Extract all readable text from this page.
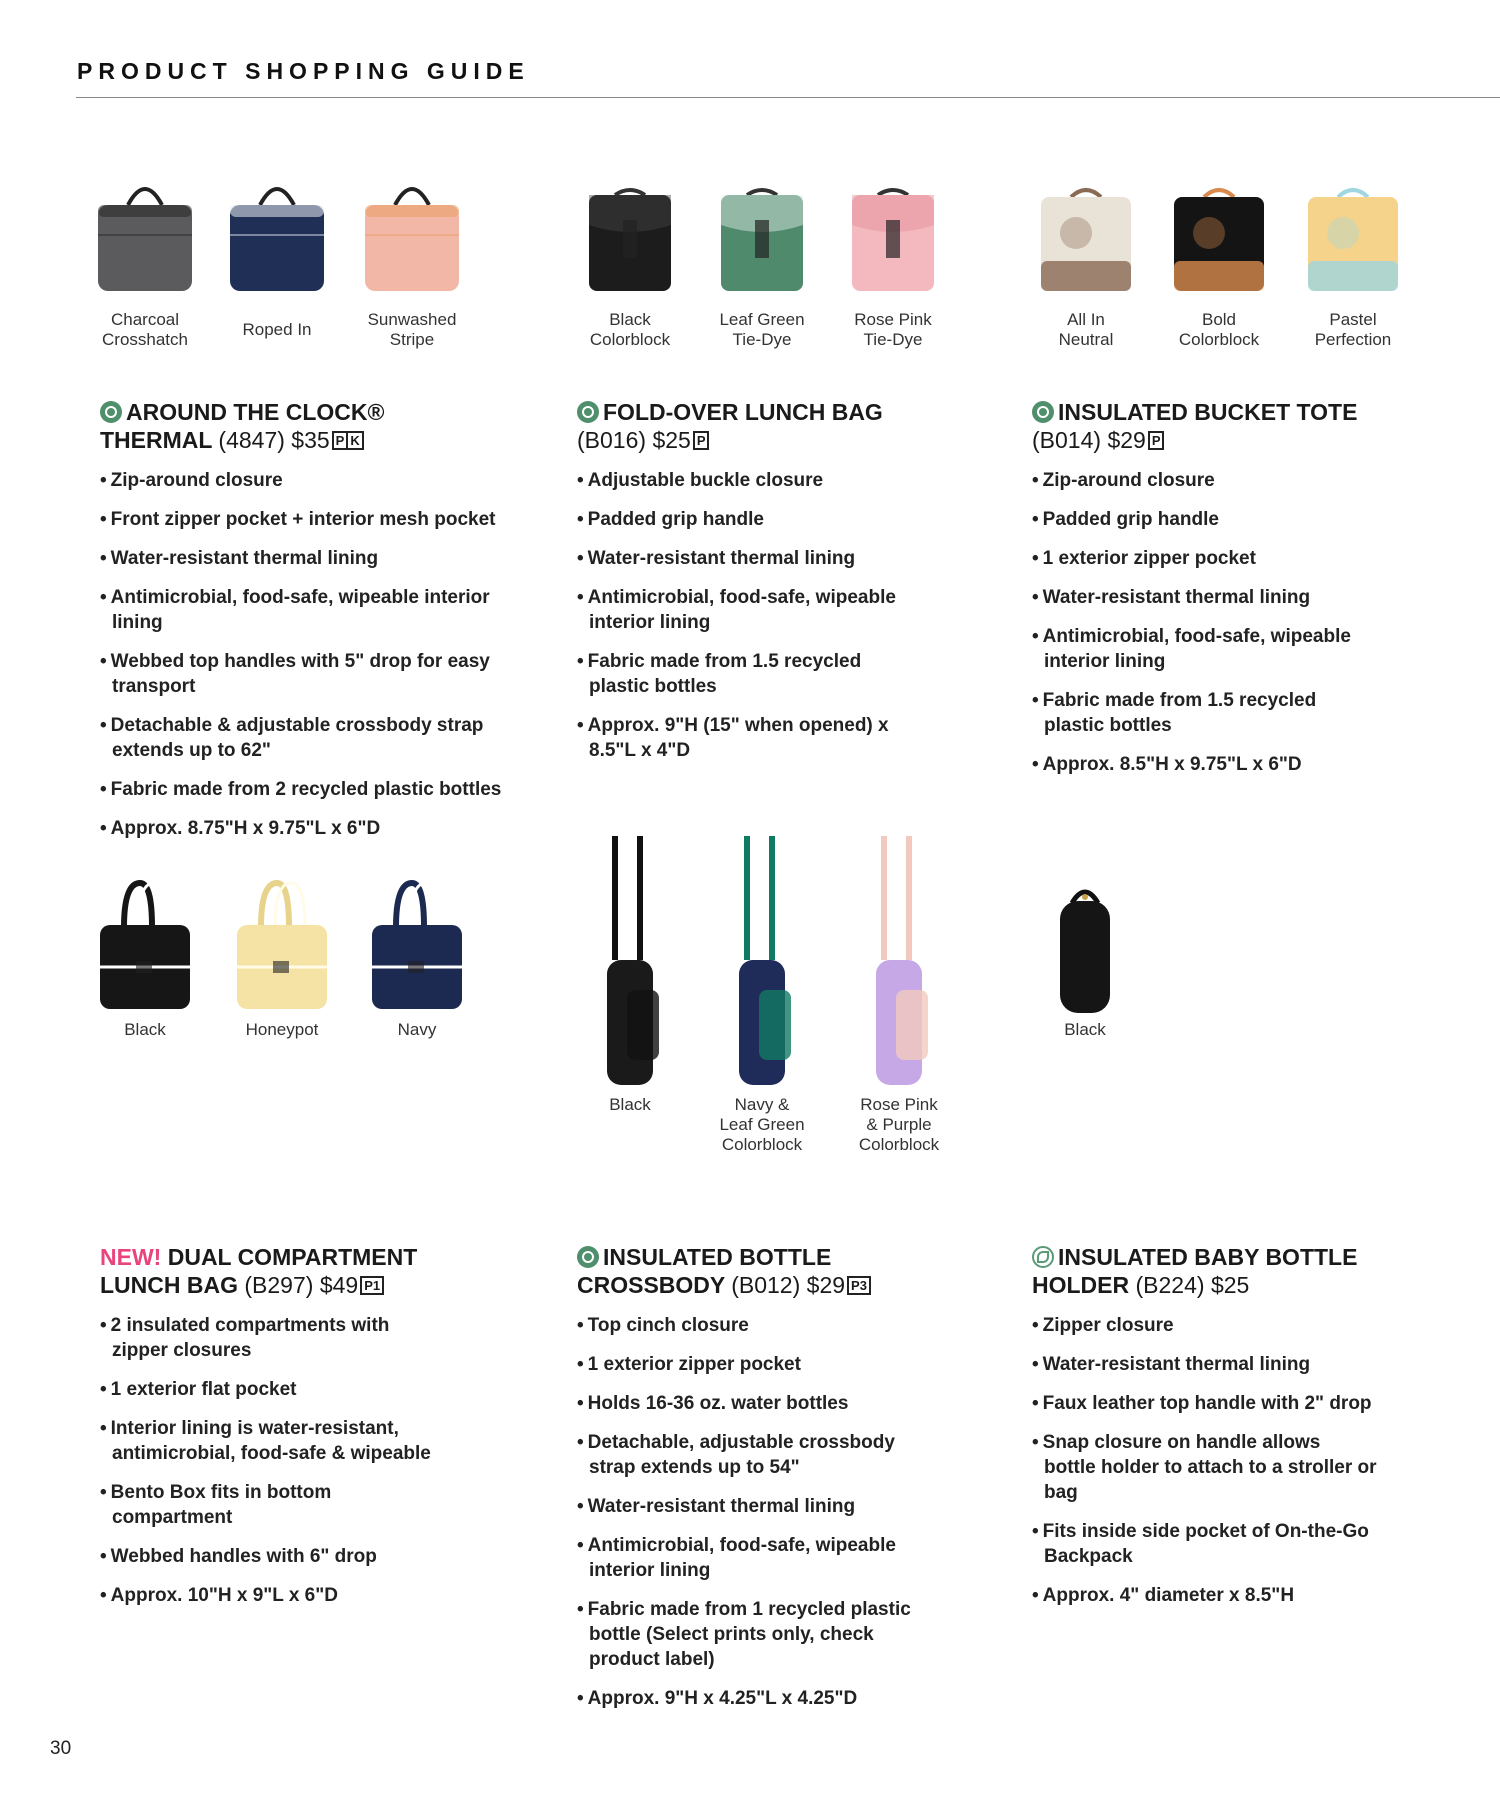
PRODUCT SHOPPING GUIDE
Charcoal
Crosshatch
Roped In
Sunwashed
Stripe
AROUND THE CLOCK®
THERMAL (4847) $35 P K
• Zip-around closure
• Front zipper pocket + interior mesh pocket
• Water-resistant thermal lining
• Antimicrobial, food-safe, wipeable interior lining
• Webbed top handles with 5" drop for easy transport
• Detachable & adjustable crossbody strap extends up to 62"
• Fabric made from 2 recycled plastic bottles
• Approx. 8.75"H x 9.75"L x 6"D
Black
Colorblock
Leaf Green
Tie-Dye
Rose Pink
Tie-Dye
FOLD-OVER LUNCH BAG
(B016) $25 P
• Adjustable buckle closure
• Padded grip handle
• Water-resistant thermal lining
• Antimicrobial, food-safe, wipeable interior lining
• Fabric made from 1.5 recycled plastic bottles
• Approx. 9"H (15" when opened) x 8.5"L x 4"D
All In
Neutral
Bold
Colorblock
Pastel
Perfection
INSULATED BUCKET TOTE
(B014) $29 P
• Zip-around closure
• Padded grip handle
• 1 exterior zipper pocket
• Water-resistant thermal lining
• Antimicrobial, food-safe, wipeable interior lining
• Fabric made from 1.5 recycled plastic bottles
• Approx. 8.5"H x 9.75"L x 6"D
Black	Honeypot	Navy
NEW! DUAL COMPARTMENT
LUNCH BAG (B297) $49 P1
• 2 insulated compartments with zipper closures
• 1 exterior flat pocket
• Interior lining is water-resistant, antimicrobial, food-safe & wipeable
• Bento Box fits in bottom compartment
• Webbed handles with 6" drop
• Approx. 10"H x 9"L x 6"D
Black	Navy &
Leaf Green
Colorblock
Rose Pink
& Purple
Colorblock
INSULATED BOTTLE
CROSSBODY (B012) $29 P3
• Top cinch closure
• 1 exterior zipper pocket
• Holds 16-36 oz. water bottles
• Detachable, adjustable crossbody strap extends up to 54"
• Water-resistant thermal lining
• Antimicrobial, food-safe, wipeable interior lining
• Fabric made from 1 recycled plastic bottle (Select prints only, check product label)
• Approx. 9"H x 4.25"L x 4.25"D
Black
INSULATED BABY BOTTLE
HOLDER (B224) $25
• Zipper closure
• Water-resistant thermal lining
• Faux leather top handle with 2" drop
• Snap closure on handle allows bottle holder to attach to a stroller or bag
• Fits inside side pocket of On-the-Go Backpack
• Approx. 4" diameter x 8.5"H
30
